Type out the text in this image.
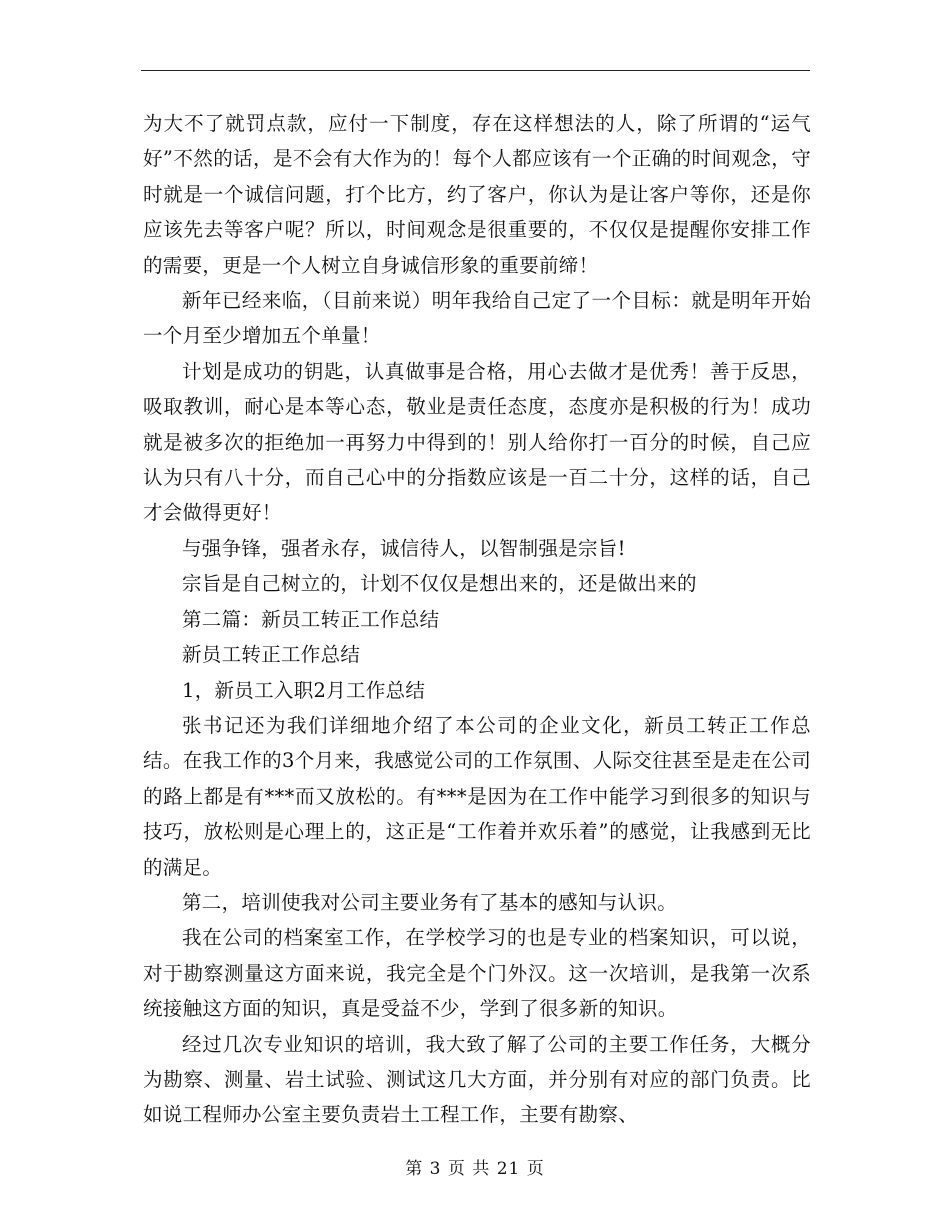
为大不了就罚点款，应付一下制度，存在这样想法的人，除了所谓的“运气好”不然的话，是不会有大作为的！每个人都应该有一个正确的时间观念，守时就是一个诚信问题，打个比方，约了客户，你认为是让客户等你，还是你应该先去等客户呢？所以，时间观念是很重要的，不仅仅是提醒你安排工作的需要，更是一个人树立自身诚信形象的重要前缔！

新年已经来临，（目前来说）明年我给自己定了一个目标：就是明年开始一个月至少增加五个单量！

计划是成功的钥匙，认真做事是合格，用心去做才是优秀！善于反思，吸取教训，耐心是本等心态，敬业是责任态度，态度亦是积极的行为！成功就是被多次的拒绝加一再努力中得到的！别人给你打一百分的时候，自己应认为只有八十分，而自己心中的分指数应该是一百二十分，这样的话，自己才会做得更好！

与强争锋，强者永存，诚信待人，以智制强是宗旨!

宗旨是自己树立的，计划不仅仅是想出来的，还是做出来的

第二篇：新员工转正工作总结

新员工转正工作总结

1，新员工入职2月工作总结

张书记还为我们详细地介绍了本公司的企业文化，新员工转正工作总结。在我工作的3个月来，我感觉公司的工作氛围、人际交往甚至是走在公司的路上都是有***而又放松的。有***是因为在工作中能学习到很多的知识与技巧，放松则是心理上的，这正是“工作着并欢乐着”的感觉，让我感到无比的满足。

第二，培训使我对公司主要业务有了基本的感知与认识。

我在公司的档案室工作，在学校学习的也是专业的档案知识，可以说，对于勘察测量这方面来说，我完全是个门外汉。这一次培训，是我第一次系统接触这方面的知识，真是受益不少，学到了很多新的知识。

经过几次专业知识的培训，我大致了解了公司的主要工作任务，大概分为勘察、测量、岩土试验、测试这几大方面，并分别有对应的部门负责。比如说工程师办公室主要负责岩土工程工作，主要有勘察、

第 3 页 共 21 页
